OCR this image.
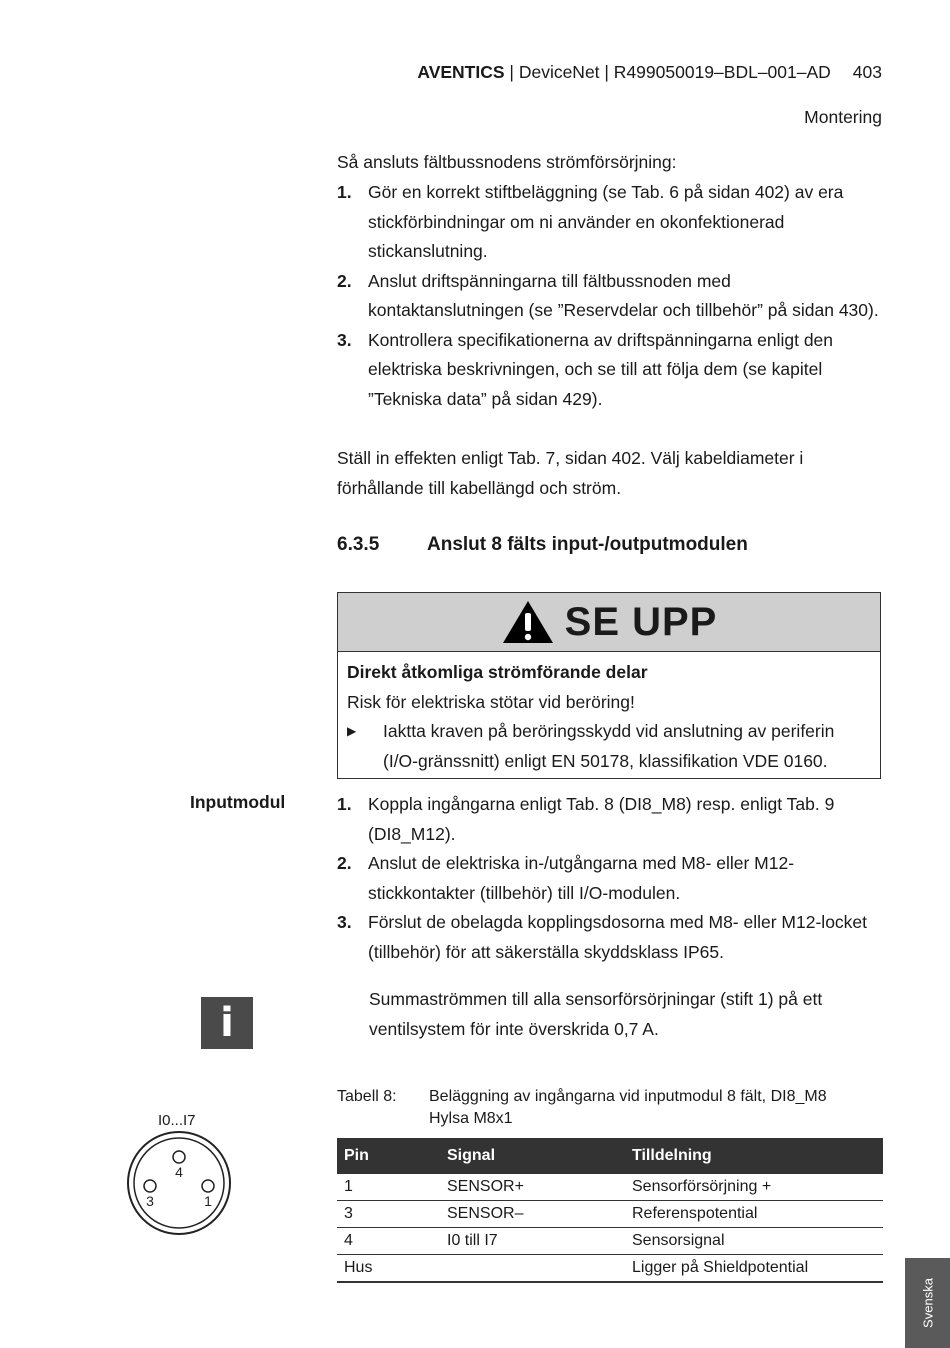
AVENTICS | DeviceNet | R499050019–BDL–001–AD 403
Montering
Så ansluts fältbussnodens strömförsörjning:
1. Gör en korrekt stiftbeläggning (se Tab. 6 på sidan 402) av era stickförbindningar om ni använder en okonfektionerad stickanslutning.
2. Anslut driftspänningarna till fältbussnoden med kontaktanslutningen (se ”Reservdelar och tillbehör” på sidan 430).
3. Kontrollera specifikationerna av driftspänningarna enligt den elektriska beskrivningen, och se till att följa dem (se kapitel ”Tekniska data” på sidan 429).
Ställ in effekten enligt Tab. 7, sidan 402. Välj kabeldiameter i förhållande till kabellängd och ström.
6.3.5	Anslut 8 fälts input-/outputmodulen
SE UPP
Direkt åtkomliga strömförande delar
Risk för elektriska stötar vid beröring!
▶ Iaktta kraven på beröringsskydd vid anslutning av periferin (I/O-gränssnitt) enligt EN 50178, klassifikation VDE 0160.
Inputmodul	1. Koppla ingångarna enligt Tab. 8 (DI8_M8) resp. enligt Tab. 9 (DI8_M12).
2. Anslut de elektriska in-/utgångarna med M8- eller M12-stickkontakter (tillbehör) till I/O-modulen.
3. Förslut de obelagda kopplingsdosorna med M8- eller M12-locket (tillbehör) för att säkerställa skyddsklass IP65.
i
Summaströmmen till alla sensorförsörjningar (stift 1) på ett ventilsystem för inte överskrida 0,7 A.
Tabell 8: Beläggning av ingångarna vid inputmodul 8 fält, DI8_M8
Hylsa M8x1
Pin	Signal	Tilldelning
1	SENSOR+	Sensorförsörjning +
3	SENSOR–	Referenspotential
4	I0 till I7	Sensorsignal
Hus		Ligger på Shieldpotential
I0...I7
4
3	1
Svenska
